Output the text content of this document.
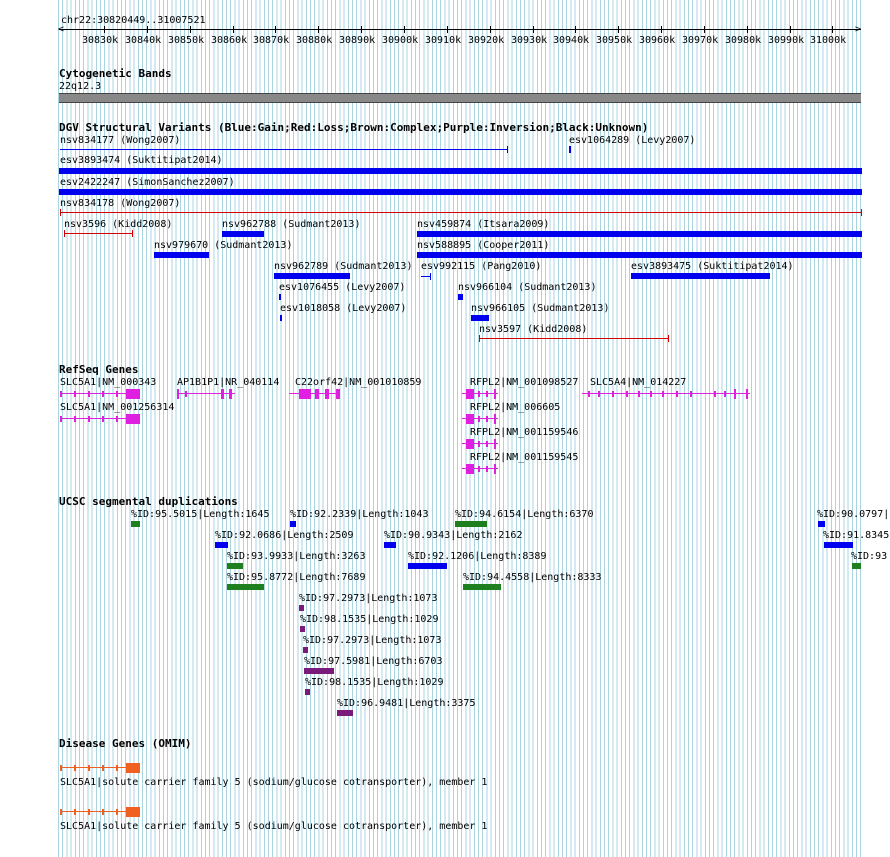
chr22:30820449..31007521
<	>
30830k 30840k 30850k 30860k 30870k 30880k 30890k 30900k 30910k 30920k 30930k 30940k 30950k 30960k 30970k 30980k 30990k 31000k
Cytogenetic Bands
22q12.3
DGV Structural Variants (Blue:Gain;Red:Loss;Brown:Complex;Purple:Inversion;Black:Unknown)
nsv834177 (Wong2007)	esv1064289 (Levy2007)
esv3893474 (Suktitipat2014)
esv2422247 (SimonSanchez2007)
nsv834178 (Wong2007)
nsv3596 (Kidd2008)	nsv962788 (Sudmant2013)	nsv459874 (Itsara2009)
nsv979670 (Sudmant2013)	nsv588895 (Cooper2011)
nsv962789 (Sudmant2013) esv992115 (Pang2010)	esv3893475 (Suktitipat2014)
esv1076455 (Levy2007)	nsv966104 (Sudmant2013)
esv1018058 (Levy2007)	nsv966105 (Sudmant2013)
nsv3597 (Kidd2008)
RefSeq Genes
SLC5A1|NM_000343 AP1B1P1|NR_040114 C22orf42|NM_001010859	RFPL2|NM_001098527 SLC5A4|NM_014227
SLC5A1|NM_001256314	RFPL2|NM_006605
RFPL2|NM_001159546
RFPL2|NM_001159545
UCSC segmental duplications
%ID:95.5015|Length:1645 %ID:92.2339|Length:1043	%ID:94.6154|Length:6370	%ID:90.0797|
%ID:92.0686|Length:2509	%ID:90.9343|Length:2162	%ID:91.8345
%ID:93.9933|Length:3263	%ID:92.1206|Length:8389	%ID:93
%ID:95.8772|Length:7689	%ID:94.4558|Length:8333
%ID:97.2973|Length:1073
%ID:98.1535|Length:1029
%ID:97.2973|Length:1073
%ID:97.5981|Length:6703
%ID:98.1535|Length:1029
%ID:96.9481|Length:3375
Disease Genes (OMIM)
SLC5A1|solute carrier family 5 (sodium/glucose cotransporter), member 1
SLC5A1|solute carrier family 5 (sodium/glucose cotransporter), member 1
